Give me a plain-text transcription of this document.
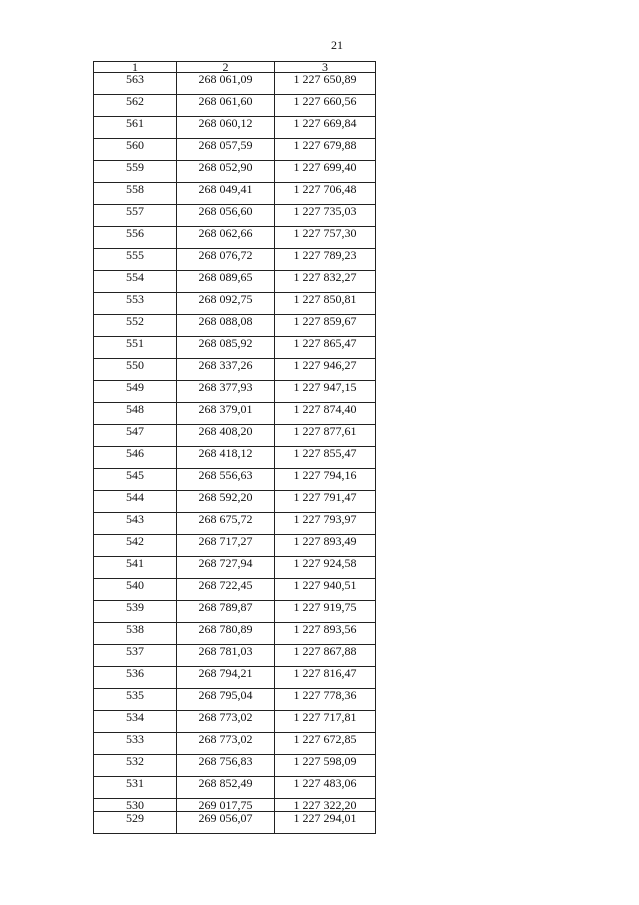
21
1	2	3
563	268 061,09	1 227 650,89
562	268 061,60	1 227 660,56
561	268 060,12	1 227 669,84
560	268 057,59	1 227 679,88
559	268 052,90	1 227 699,40
558	268 049,41	1 227 706,48
557	268 056,60	1 227 735,03
556	268 062,66	1 227 757,30
555	268 076,72	1 227 789,23
554	268 089,65	1 227 832,27
553	268 092,75	1 227 850,81
552	268 088,08	1 227 859,67
551	268 085,92	1 227 865,47
550	268 337,26	1 227 946,27
549	268 377,93	1 227 947,15
548	268 379,01	1 227 874,40
547	268 408,20	1 227 877,61
546	268 418,12	1 227 855,47
545	268 556,63	1 227 794,16
544	268 592,20	1 227 791,47
543	268 675,72	1 227 793,97
542	268 717,27	1 227 893,49
541	268 727,94	1 227 924,58
540	268 722,45	1 227 940,51
539	268 789,87	1 227 919,75
538	268 780,89	1 227 893,56
537	268 781,03	1 227 867,88
536	268 794,21	1 227 816,47
535	268 795,04	1 227 778,36
534	268 773,02	1 227 717,81
533	268 773,02	1 227 672,85
532	268 756,83	1 227 598,09
531	268 852,49	1 227 483,06
530	269 017,75	1 227 322,20
529	269 056,07	1 227 294,01
